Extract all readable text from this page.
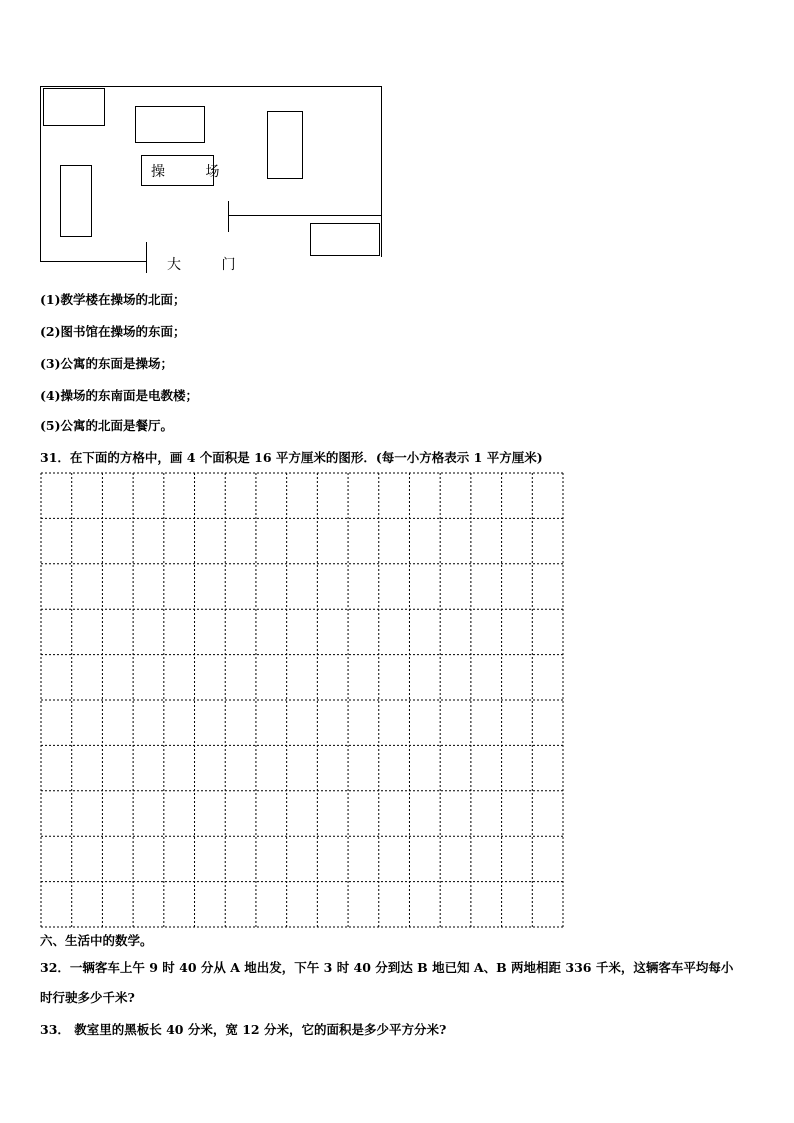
操 场
大 门
(1)教学楼在操场的北面；
(2)图书馆在操场的东面；
(3)公寓的东面是操场；
(4)操场的东南面是电教楼；
(5)公寓的北面是餐厅。
31．在下面的方格中，画 4 个面积是 16 平方厘米的图形．(每一小方格表示 1 平方厘米)
六、生活中的数学。
32．一辆客车上午 9 时 40 分从 A 地出发，下午 3 时 40 分到达 B 地已知 A、B 两地相距 336 千米，这辆客车平均每小
时行驶多少千米?
33． 教室里的黑板长 40 分米，宽 12 分米，它的面积是多少平方分米?
